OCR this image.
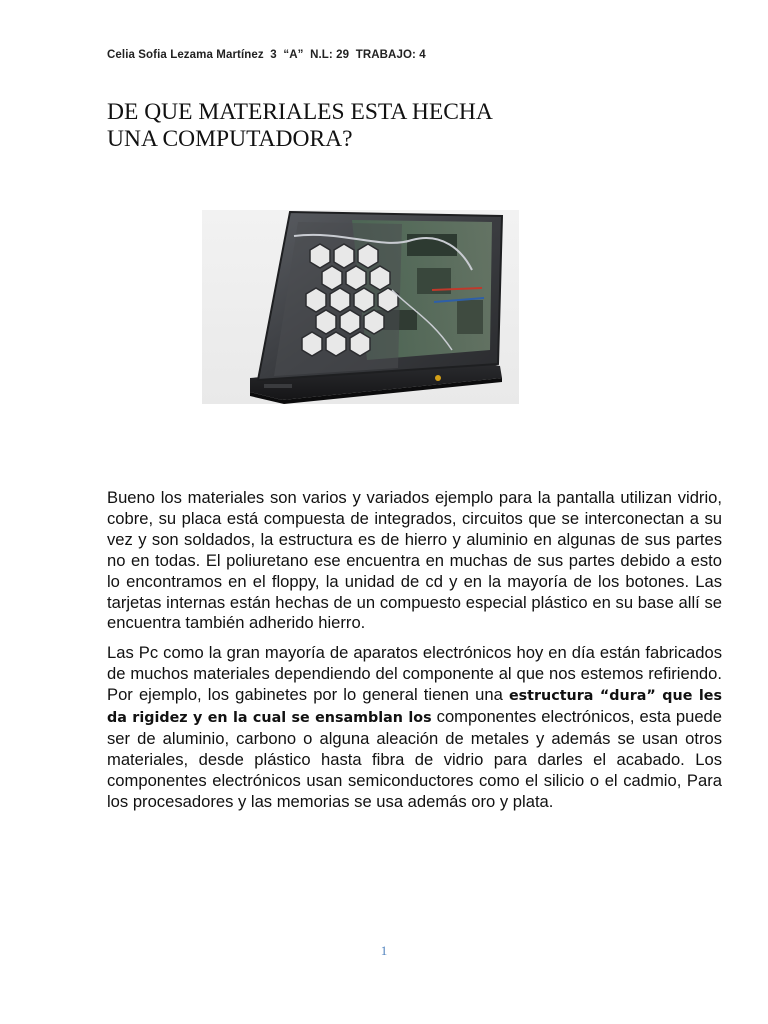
Celia Sofia Lezama Martínez  3  “A”  N.L: 29  TRABAJO: 4
DE QUE MATERIALES ESTA HECHA
UNA COMPUTADORA?

Bueno los materiales son varios y variados ejemplo para la pantalla utilizan vidrio, cobre, su placa está compuesta de integrados, circuitos que se interconectan a su vez y son soldados, la estructura es de hierro y aluminio en algunas de sus partes no en todas. El poliuretano ese encuentra en muchas de sus partes debido a esto lo encontramos en el floppy, la unidad de cd y en la mayoría de los botones. Las tarjetas internas están hechas de un compuesto especial plástico en su base allí se encuentra también adherido hierro.

Las Pc como la gran mayoría de aparatos electrónicos hoy en día están fabricados de muchos materiales dependiendo del componente al que nos estemos refiriendo. Por ejemplo, los gabinetes por lo general tienen una estructura “dura” que les da rigidez y en la cual se ensamblan los componentes electrónicos, esta puede ser de aluminio, carbono o alguna aleación de metales y además se usan otros materiales, desde plástico hasta fibra de vidrio para darles el acabado. Los componentes electrónicos usan semiconductores como el silicio o el cadmio, Para los procesadores y las memorias se usa además oro y plata.

1
